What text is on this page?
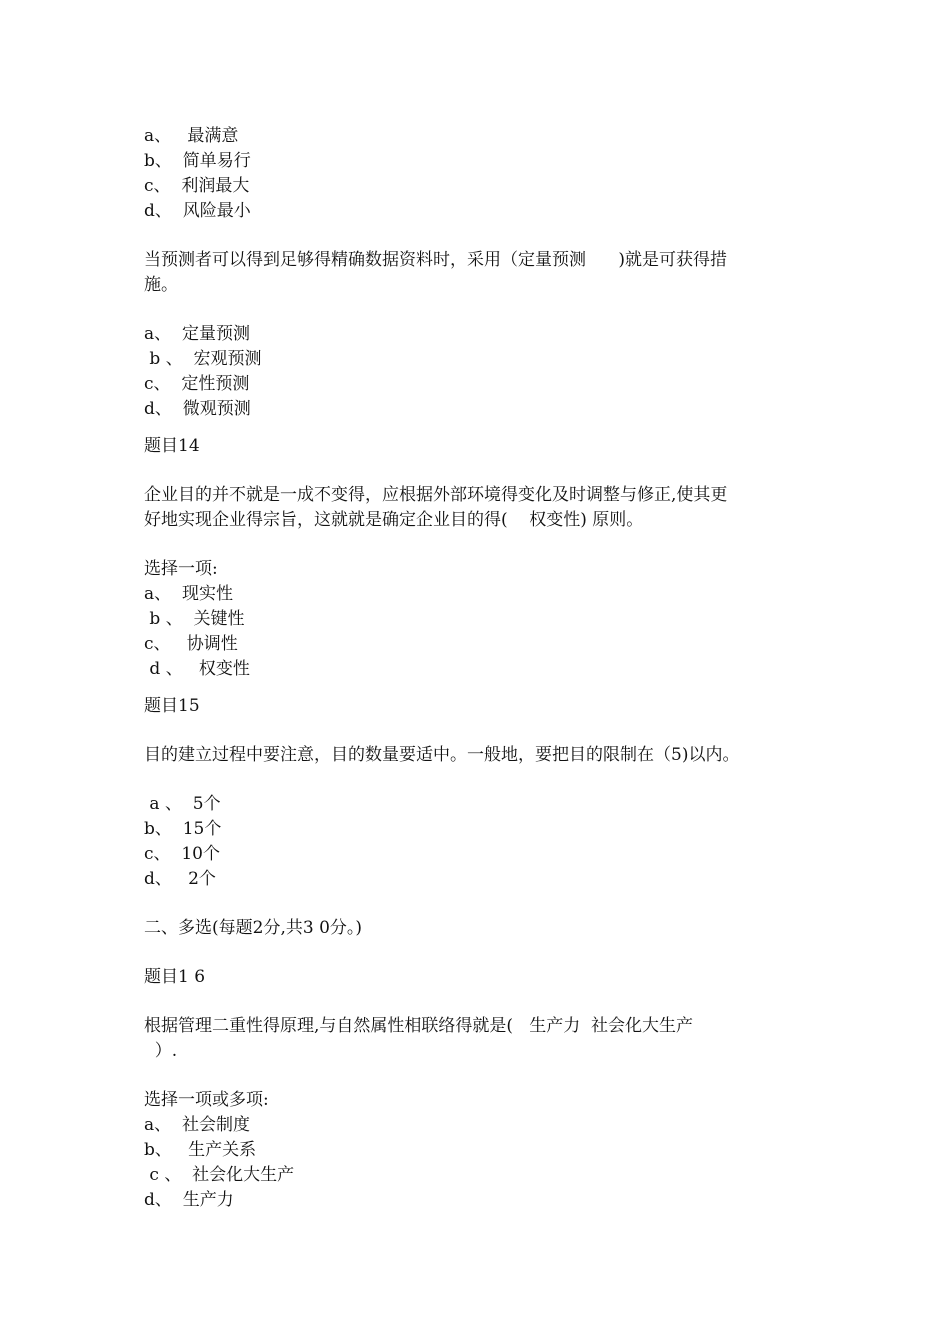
a、   最满意
b、  简单易行
c、  利润最大
d、  风险最小
当预测者可以得到足够得精确数据资料时，采用（定量预测      )就是可获得措
施。
a、  定量预测
b 、  宏观预测
c、  定性预测
d、  微观预测
题目14
企业目的并不就是一成不变得，应根据外部环境得变化及时调整与修正,使其更
好地实现企业得宗旨，这就就是确定企业目的得(    权变性) 原则。
选择一项:
a、  现实性
b 、  关键性
c、   协调性
d 、   权变性
题目15
目的建立过程中要注意，目的数量要适中。一般地，要把目的限制在（5)以内。
a 、  5个
b、  15个
c、  10个
d、   2个
二、多选(每题2分,共3 0分。)
题目1 6
根据管理二重性得原理,与自然属性相联络得就是(   生产力  社会化大生产
）.
选择一项或多项:
a、  社会制度
b、   生产关系
c 、  社会化大生产
d、  生产力
